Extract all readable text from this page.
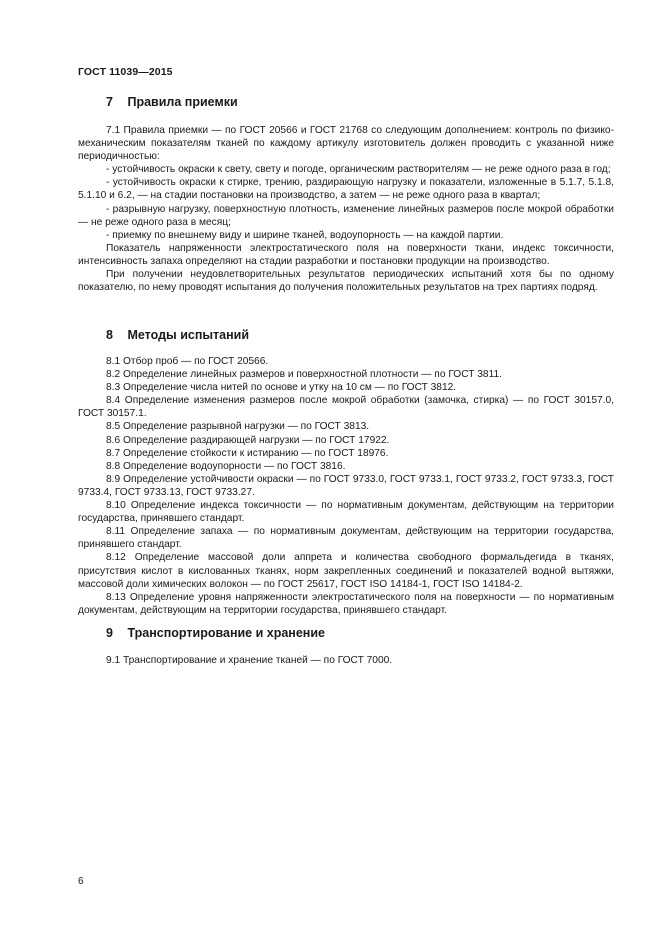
ГОСТ 11039—2015
7 Правила приемки

7.1 Правила приемки — по ГОСТ 20566 и ГОСТ 21768 со следующим дополнением: контроль по физико-механическим показателям тканей по каждому артикулу изготовитель должен проводить с указанной ниже периодичностью:

- устойчивость окраски к свету, свету и погоде, органическим растворителям — не реже одного раза в год;

- устойчивость окраски к стирке, трению, раздирающую нагрузку и показатели, изложенные в 5.1.7, 5.1.8, 5.1.10 и 6.2, — на стадии постановки на производство, а затем — не реже одного раза в квартал;

- разрывную нагрузку, поверхностную плотность, изменение линейных размеров после мокрой обработки — не реже одного раза в месяц;

- приемку по внешнему виду и ширине тканей, водоупорность — на каждой партии.

Показатель напряженности электростатического поля на поверхности ткани, индекс токсичности, интенсивность запаха определяют на стадии разработки и постановки продукции на производство.

При получении неудовлетворительных результатов периодических испытаний хотя бы по одному показателю, по нему проводят испытания до получения положительных результатов на трех партиях подряд.

8 Методы испытаний

8.1 Отбор проб — по ГОСТ 20566.

8.2 Определение линейных размеров и поверхностной плотности — по ГОСТ 3811.

8.3 Определение числа нитей по основе и утку на 10 см — по ГОСТ 3812.

8.4 Определение изменения размеров после мокрой обработки (замочка, стирка) — по ГОСТ 30157.0, ГОСТ 30157.1.

8.5 Определение разрывной нагрузки — по ГОСТ 3813.

8.6 Определение раздирающей нагрузки — по ГОСТ 17922.

8.7 Определение стойкости к истиранию — по ГОСТ 18976.

8.8 Определение водоупорности — по ГОСТ 3816.

8.9 Определение устойчивости окраски — по ГОСТ 9733.0, ГОСТ 9733.1, ГОСТ 9733.2, ГОСТ 9733.3, ГОСТ 9733.4, ГОСТ 9733.13, ГОСТ 9733.27.

8.10 Определение индекса токсичности — по нормативным документам, действующим на территории государства, принявшего стандарт.

8.11 Определение запаха — по нормативным документам, действующим на территории государства, принявшего стандарт.

8.12 Определение массовой доли аппрета и количества свободного формальдегида в тканях, присутствия кислот в кислованных тканях, норм закрепленных соединений и показателей водной вытяжки, массовой доли химических волокон — по ГОСТ 25617, ГОСТ ISO 14184-1, ГОСТ ISO 14184-2.

8.13 Определение уровня напряженности электростатического поля на поверхности — по нормативным документам, действующим на территории государства, принявшего стандарт.

9 Транспортирование и хранение

9.1 Транспортирование и хранение тканей — по ГОСТ 7000.

6
